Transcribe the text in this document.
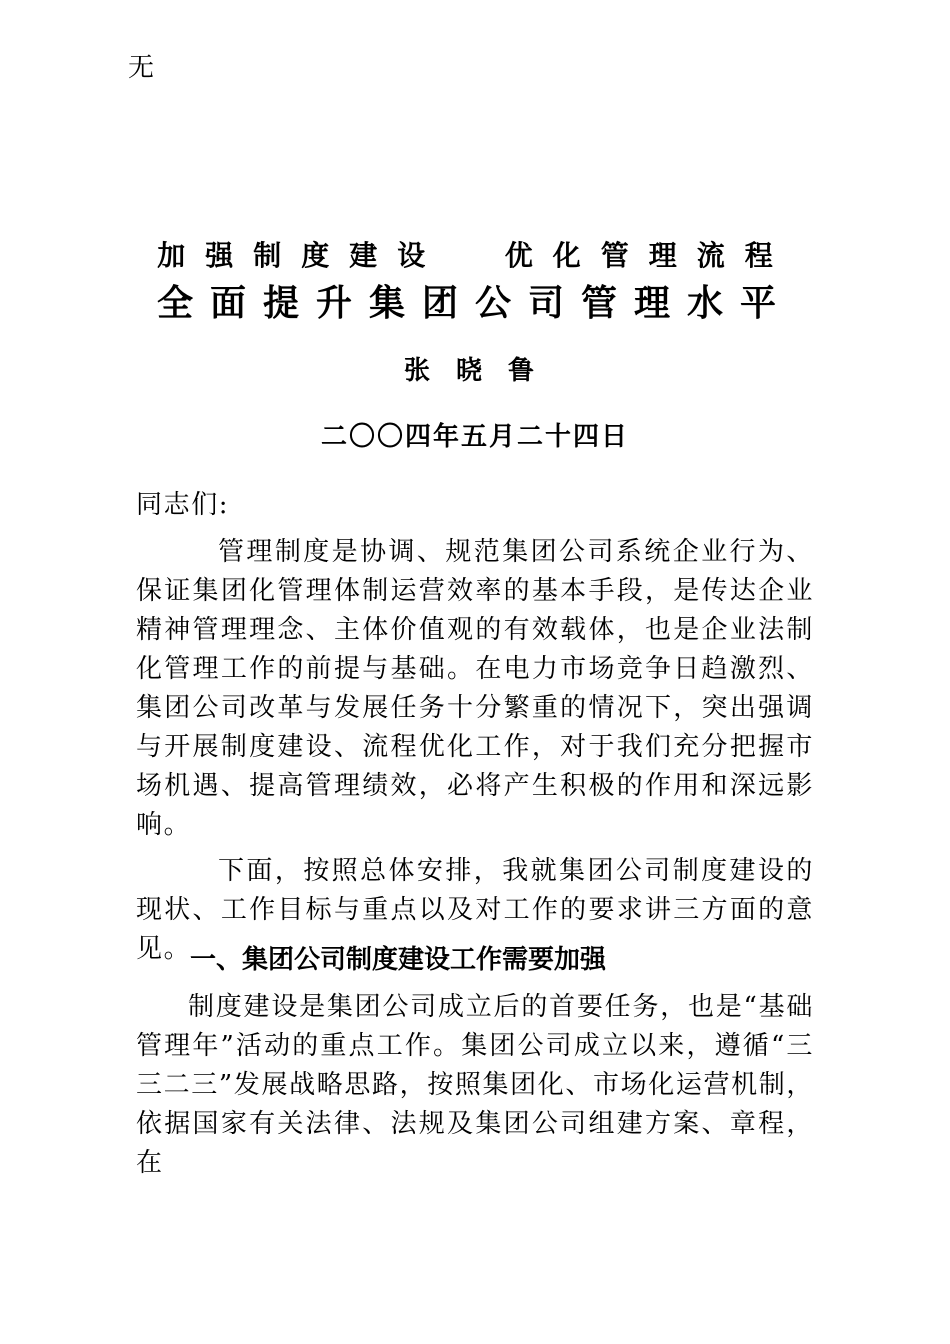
无
加强制度建设  优化管理流程
全面提升集团公司管理水平
张晓鲁
二〇〇四年五月二十四日
同志们:

管理制度是协调、规范集团公司系统企业行为、保证集团化管理体制运营效率的基本手段，是传达企业精神管理理念、主体价值观的有效载体，也是企业法制化管理工作的前提与基础。在电力市场竞争日趋激烈、集团公司改革与发展任务十分繁重的情况下，突出强调与开展制度建设、流程优化工作，对于我们充分把握市场机遇、提高管理绩效，必将产生积极的作用和深远影响。

下面，按照总体安排，我就集团公司制度建设的现状、工作目标与重点以及对工作的要求讲三方面的意见。

一、集团公司制度建设工作需要加强

制度建设是集团公司成立后的首要任务，也是“基础管理年”活动的重点工作。集团公司成立以来，遵循“三三二三”发展战略思路，按照集团化、市场化运营机制，依据国家有关法律、法规及集团公司组建方案、章程，在
